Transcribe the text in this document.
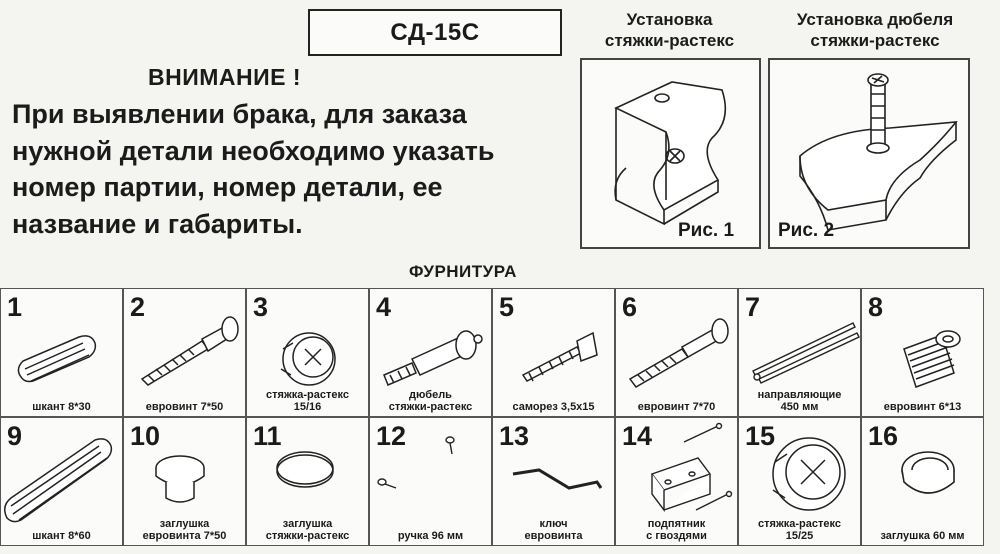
СД-15С
ВНИМАНИЕ !
При выявлении брака, для заказа
нужной детали необходимо указать
номер партии, номер детали, ее
название и габариты.
Установка
стяжки-растекс
Рис. 1
Установка дюбеля
стяжки-растекс
Рис. 2
ФУРНИТУРА
1
шкант 8*30
2
евровинт 7*50
3
стяжка-растекс
15/16
4
дюбель
стяжки-растекс
5
саморез 3,5x15
6
евровинт 7*70
7
направляющие
450 мм
8
евровинт 6*13
9
шкант 8*60
10
заглушка
евровинта 7*50
11
заглушка
стяжки-растекс
12
ручка 96 мм
13
ключ
евровинта
14
подпятник
с гвоздями
15
стяжка-растекс
15/25
16
заглушка 60 мм
